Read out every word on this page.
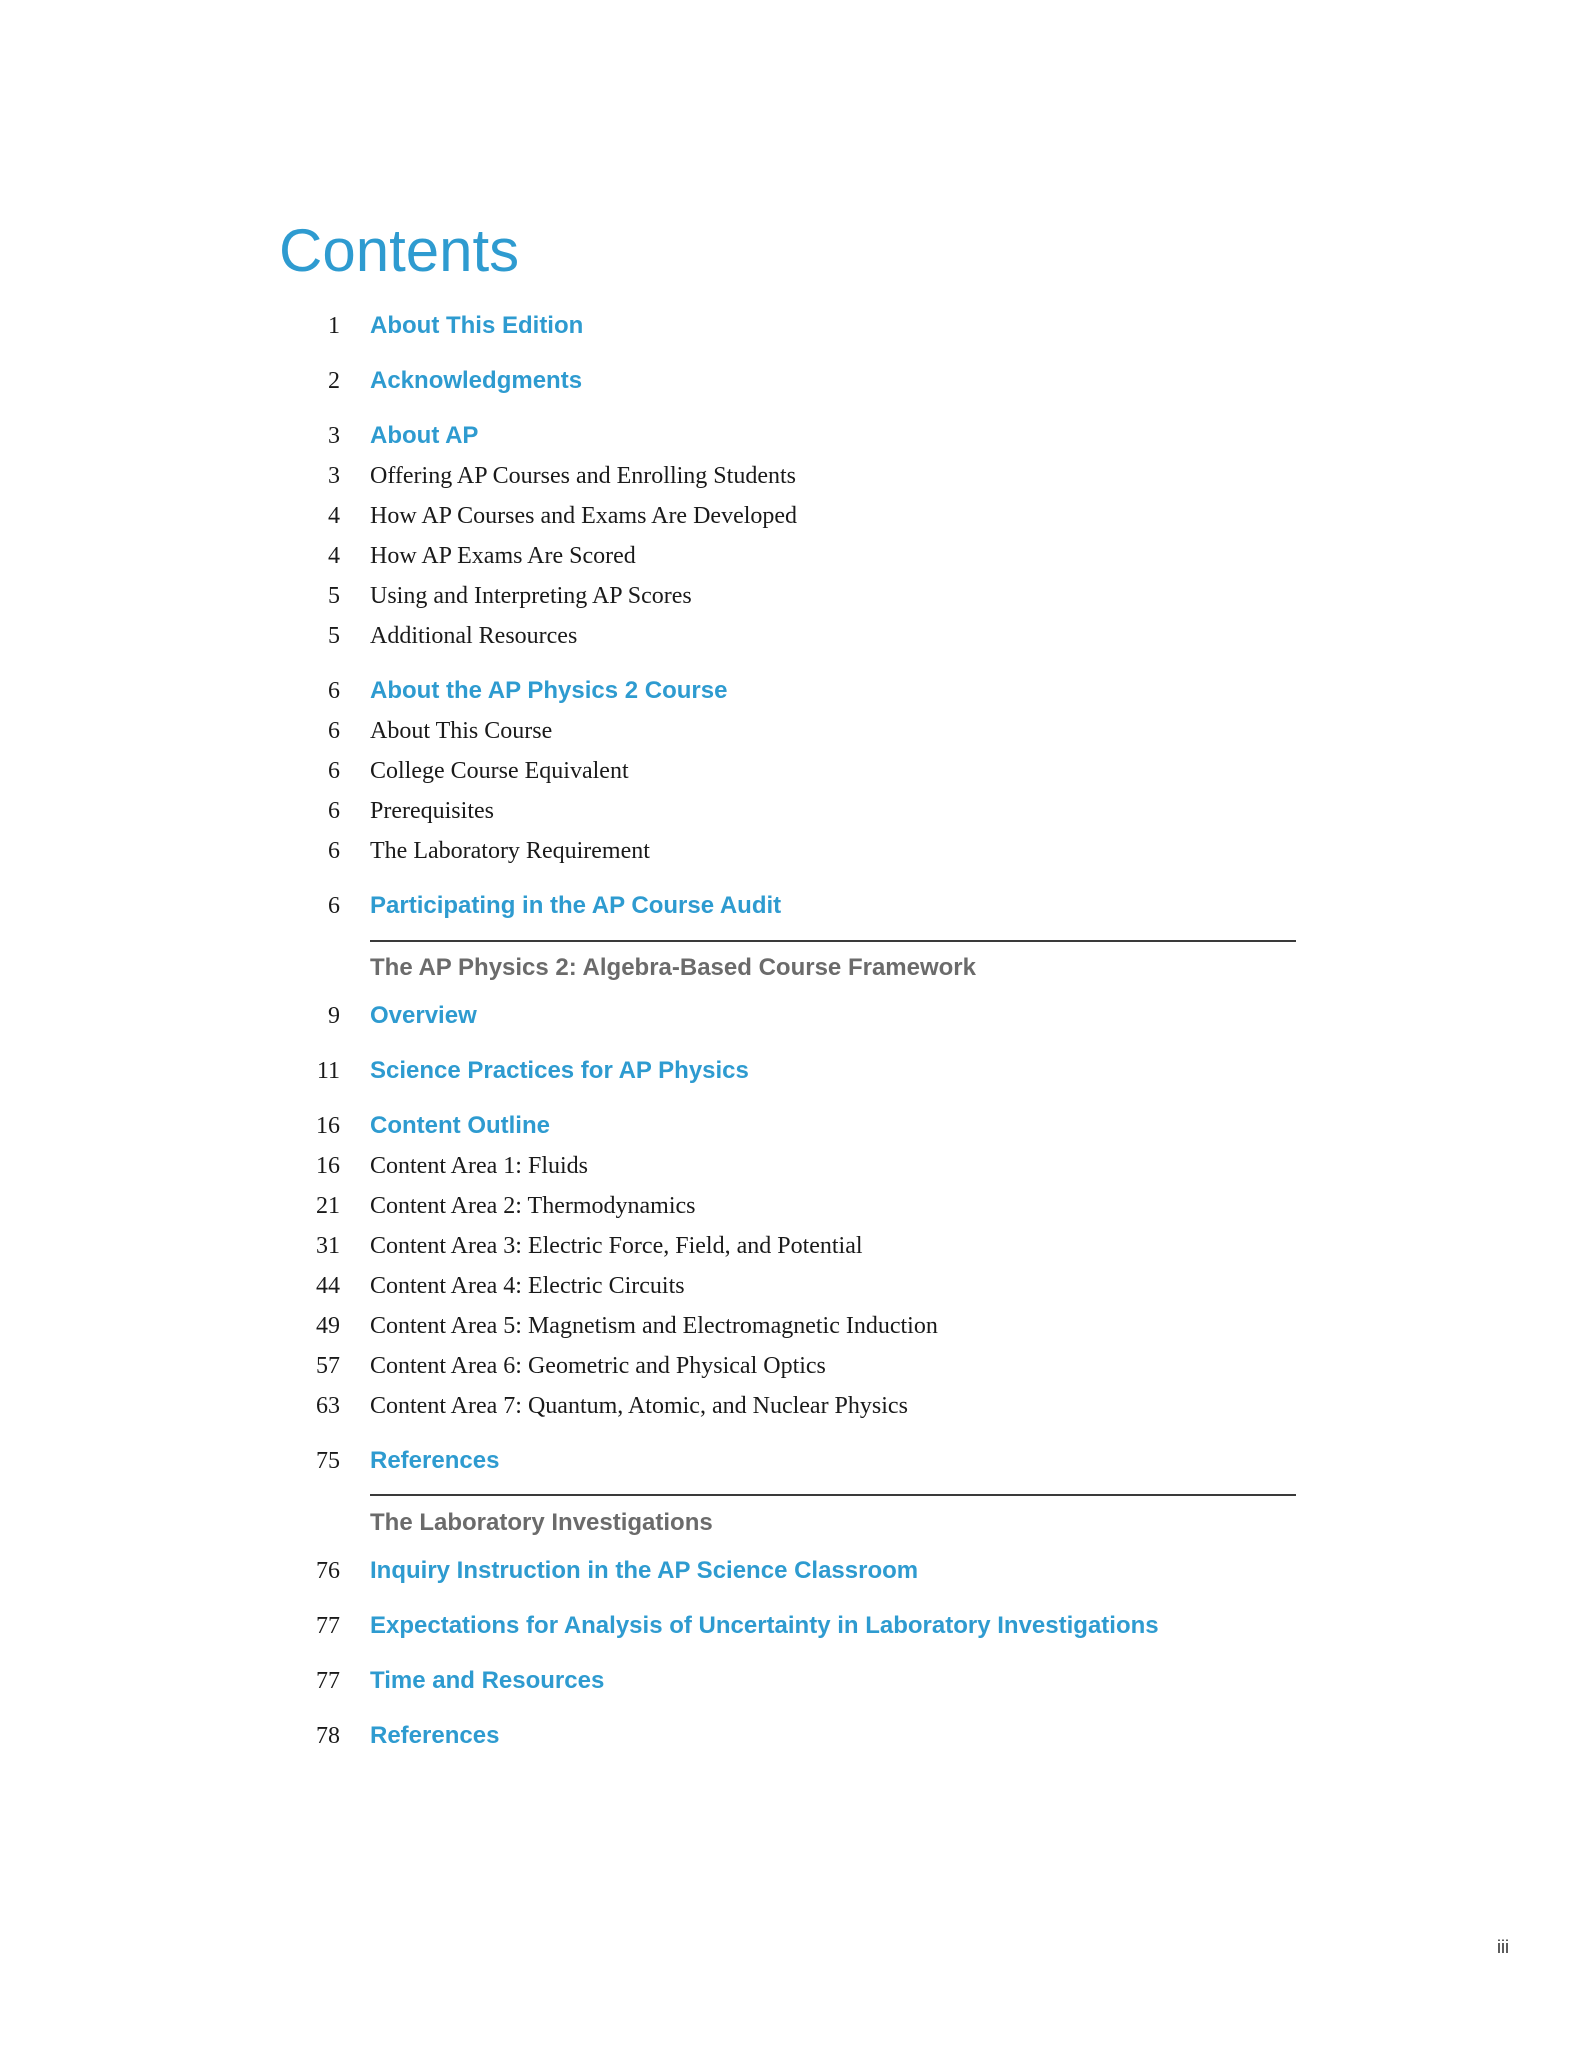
Contents
1 About This Edition
2 Acknowledgments
3 About AP
3 Offering AP Courses and Enrolling Students
4 How AP Courses and Exams Are Developed
4 How AP Exams Are Scored
5 Using and Interpreting AP Scores
5 Additional Resources
6 About the AP Physics 2 Course
6 About This Course
6 College Course Equivalent
6 Prerequisites
6 The Laboratory Requirement
6 Participating in the AP Course Audit
The AP Physics 2: Algebra-Based Course Framework
9 Overview
11 Science Practices for AP Physics
16 Content Outline
16 Content Area 1: Fluids
21 Content Area 2: Thermodynamics
31 Content Area 3: Electric Force, Field, and Potential
44 Content Area 4: Electric Circuits
49 Content Area 5: Magnetism and Electromagnetic Induction
57 Content Area 6: Geometric and Physical Optics
63 Content Area 7: Quantum, Atomic, and Nuclear Physics
75 References
The Laboratory Investigations
76 Inquiry Instruction in the AP Science Classroom
77 Expectations for Analysis of Uncertainty in Laboratory Investigations
77 Time and Resources
78 References
iii
